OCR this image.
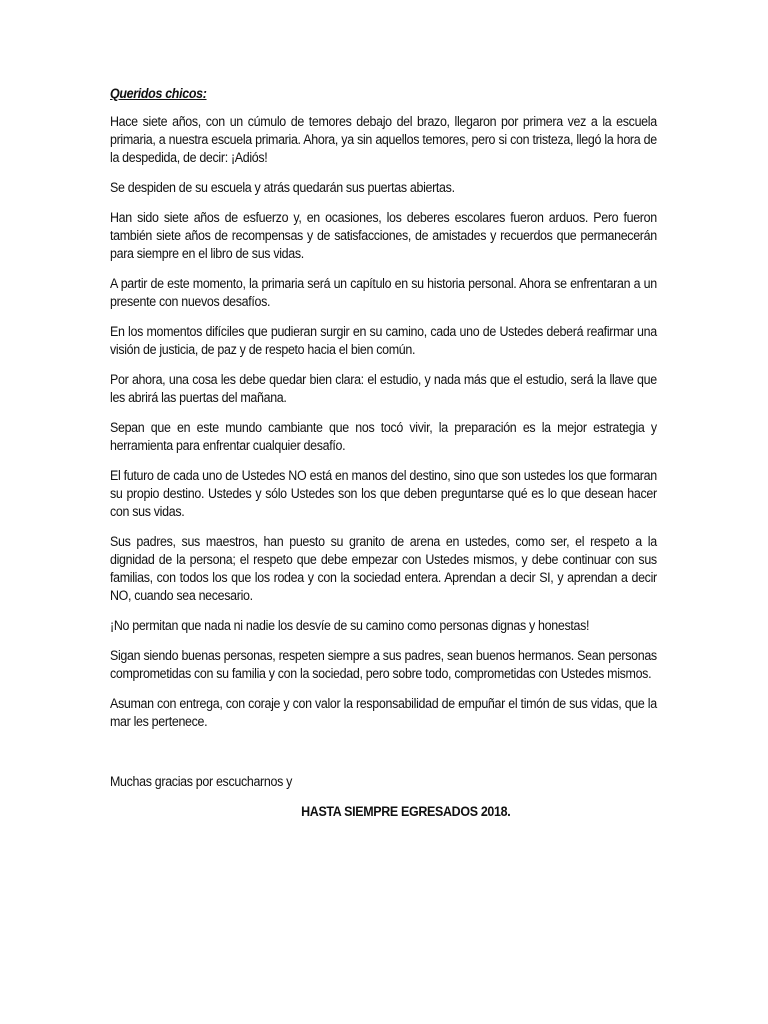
Queridos chicos:

Hace siete años, con un cúmulo de temores debajo del brazo, llegaron por primera vez a la escuela primaria, a nuestra escuela primaria. Ahora, ya sin aquellos temores, pero si con tristeza, llegó la hora de la despedida, de decir: ¡Adiós!

Se despiden de su escuela y atrás quedarán sus puertas abiertas.

Han sido siete años de esfuerzo y, en ocasiones, los deberes escolares fueron arduos. Pero fueron también siete años de recompensas y de satisfacciones, de amistades y recuerdos que permanecerán para siempre en el libro de sus vidas.

A partir de este momento, la primaria será un capítulo en su historia personal. Ahora se enfrentaran a un presente con nuevos desafíos.

En los momentos difíciles que pudieran surgir en su camino, cada uno de Ustedes deberá reafirmar una visión de justicia, de paz y de respeto hacia el bien común.

Por ahora, una cosa les debe quedar bien clara: el estudio, y nada más que el estudio, será la llave que les abrirá las puertas del mañana.

Sepan que en este mundo cambiante que nos tocó vivir, la preparación es la mejor estrategia y herramienta para enfrentar cualquier desafío.

El futuro de cada uno de Ustedes NO está en manos del destino, sino que son ustedes los que formaran su propio destino. Ustedes y sólo Ustedes son los que deben preguntarse qué es lo que desean hacer con sus vidas.

Sus padres, sus maestros, han puesto su granito de arena en ustedes, como ser, el respeto a la dignidad de la persona; el respeto que debe empezar con Ustedes mismos, y debe continuar con sus familias, con todos los que los rodea y con la sociedad entera. Aprendan a decir SI, y aprendan a decir NO, cuando sea necesario.

¡No permitan que nada ni nadie los desvíe de su camino como personas dignas y honestas!

Sigan siendo buenas personas, respeten siempre a sus padres, sean buenos hermanos. Sean personas comprometidas con su familia y con la sociedad, pero sobre todo, comprometidas con Ustedes mismos.

Asuman con entrega, con coraje y con valor la responsabilidad de empuñar el timón de sus vidas, que la mar les pertenece.

Muchas gracias por escucharnos y

HASTA SIEMPRE EGRESADOS 2018.
